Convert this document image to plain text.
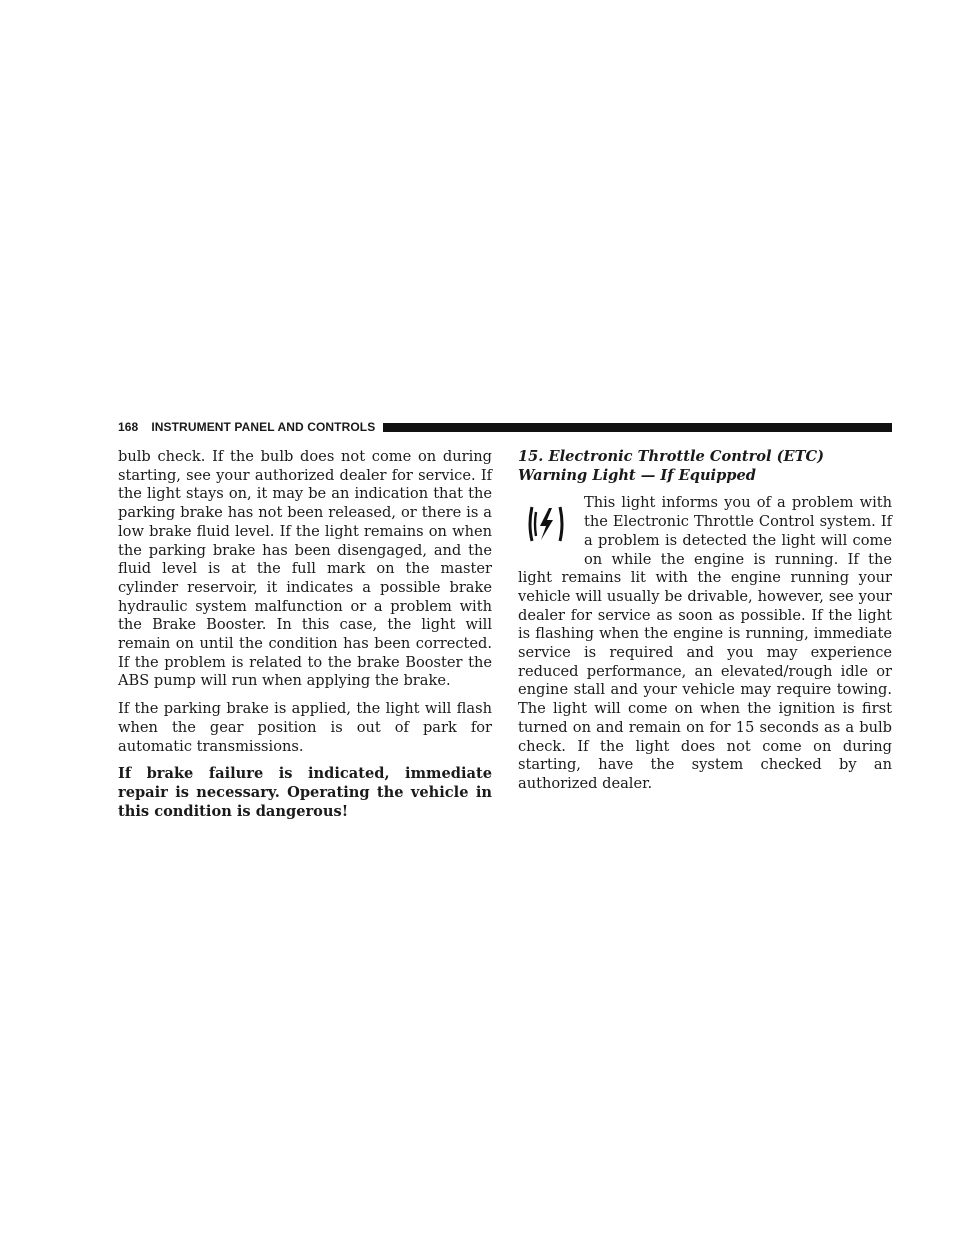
168 INSTRUMENT PANEL AND CONTROLS

bulb check. If the bulb does not come on during starting, see your authorized dealer for service. If the light stays on, it may be an indication that the parking brake has not been released, or there is a low brake fluid level. If the light remains on when the parking brake has been disengaged, and the fluid level is at the full mark on the master cylinder reservoir, it indicates a possible brake hydraulic system malfunction or a problem with the Brake Booster. In this case, the light will remain on until the condition has been corrected. If the problem is related to the brake Booster the ABS pump will run when applying the brake.

If the parking brake is applied, the light will flash when the gear position is out of park for automatic transmissions.

If brake failure is indicated, immediate repair is necessary. Operating the vehicle in this condition is dangerous!

15. Electronic Throttle Control (ETC) Warning Light — If Equipped

This light informs you of a problem with the Electronic Throttle Control system. If a problem is detected the light will come on while the engine is running. If the light remains lit with the engine running your vehicle will usually be drivable, however, see your dealer for service as soon as possible. If the light is flashing when the engine is running, immediate service is required and you may experience reduced performance, an elevated/rough idle or engine stall and your vehicle may require towing. The light will come on when the ignition is first turned on and remain on for 15 seconds as a bulb check. If the light does not come on during starting, have the system checked by an authorized dealer.
